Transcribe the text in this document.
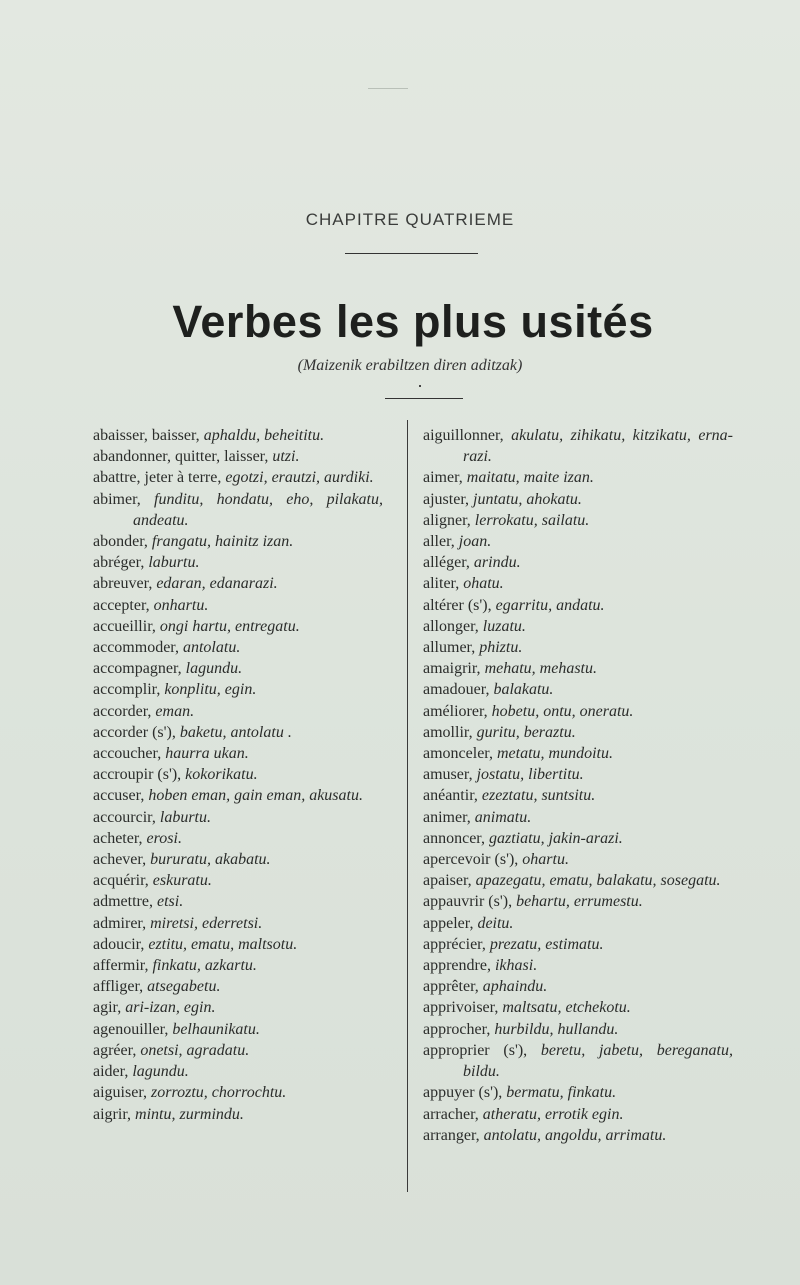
CHAPITRE QUATRIEME
Verbes les plus usités
(Maizenik erabiltzen diren aditzak)
abaisser, baisser, aphaldu, beheititu.
abandonner, quitter, laisser, utzi.
abattre, jeter à terre, egotzi, erautzi, aurdiki.
abimer, funditu, hondatu, eho, pilakatu, andeatu.
abonder, frangatu, hainitz izan.
abréger, laburtu.
abreuver, edaran, edanarazi.
accepter, onhartu.
accueillir, ongi hartu, entregatu.
accommoder, antolatu.
accompagner, lagundu.
accomplir, konplitu, egin.
accorder, eman.
accorder (s'), baketu, antolatu .
accoucher, haurra ukan.
accroupir (s'), kokorikatu.
accuser, hoben eman, gain eman, akusatu.
accourcir, laburtu.
acheter, erosi.
achever, bururatu, akabatu.
acquérir, eskuratu.
admettre, etsi.
admirer, miretsi, ederretsi.
adoucir, eztitu, ematu, maltsotu.
affermir, finkatu, azkartu.
affliger, atsegabetu.
agir, ari-izan, egin.
agenouiller, belhaunikatu.
agréer, onetsi, agradatu.
aider, lagundu.
aiguiser, zorroztu, chorrochtu.
aigrir, mintu, zurmindu.
aiguillonner, akulatu, zihikatu, kitzikatu, erna-razi.
aimer, maitatu, maite izan.
ajuster, juntatu, ahokatu.
aligner, lerrokatu, sailatu.
aller, joan.
alléger, arindu.
aliter, ohatu.
altérer (s'), egarritu, andatu.
allonger, luzatu.
allumer, phiztu.
amaigrir, mehatu, mehastu.
amadouer, balakatu.
améliorer, hobetu, ontu, oneratu.
amollir, guritu, beraztu.
amonceler, metatu, mundoitu.
amuser, jostatu, libertitu.
anéantir, ezeztatu, suntsitu.
animer, animatu.
annoncer, gaztiatu, jakin-arazi.
apercevoir (s'), ohartu.
apaiser, apazegatu, ematu, balakatu, sosegatu.
appauvrir (s'), behartu, errumestu.
appeler, deitu.
apprécier, prezatu, estimatu.
apprendre, ikhasi.
apprêter, aphaindu.
apprivoiser, maltsatu, etchekotu.
approcher, hurbildu, hullandu.
approprier (s'), beretu, jabetu, bereganatu, bildu.
appuyer (s'), bermatu, finkatu.
arracher, atheratu, errotik egin.
arranger, antolatu, angoldu, arrimatu.
